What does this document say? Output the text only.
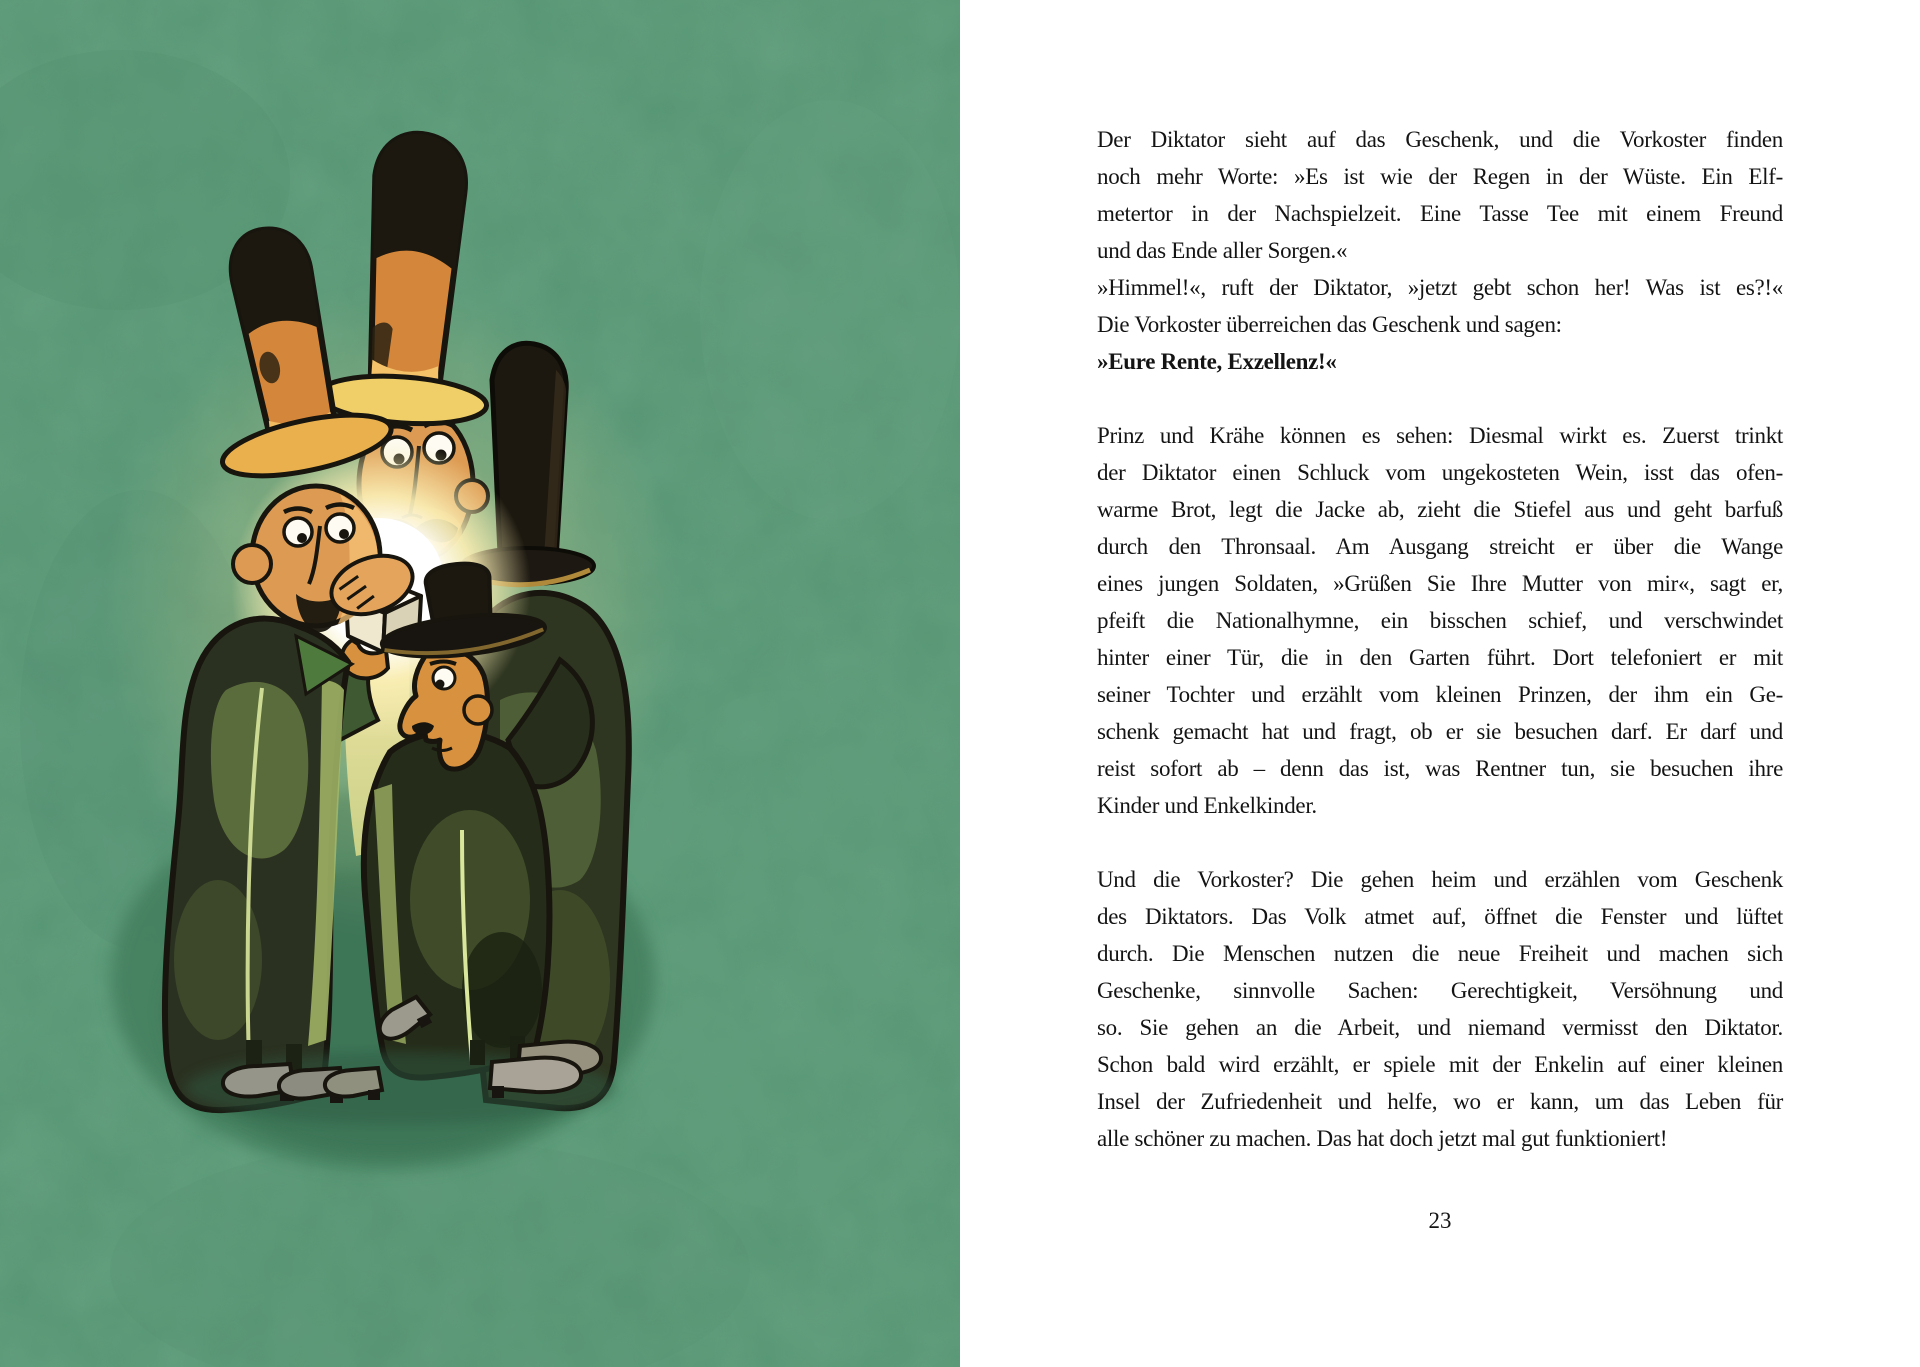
Der Diktator sieht auf das Geschenk, und die Vorkoster finden
noch mehr Worte: »Es ist wie der Regen in der Wüste. Ein Elf-
metertor in der Nachspielzeit. Eine Tasse Tee mit einem Freund
und das Ende aller Sorgen.«
»Himmel!«, ruft der Diktator, »jetzt gebt schon her! Was ist es?!«
Die Vorkoster überreichen das Geschenk und sagen:
»Eure Rente, Exzellenz!«
Prinz und Krähe können es sehen: Diesmal wirkt es. Zuerst trinkt
der Diktator einen Schluck vom ungekosteten Wein, isst das ofen-
warme Brot, legt die Jacke ab, zieht die Stiefel aus und geht barfuß
durch den Thronsaal. Am Ausgang streicht er über die Wange
eines jungen Soldaten, »Grüßen Sie Ihre Mutter von mir«, sagt er,
pfeift die Nationalhymne, ein bisschen schief, und verschwindet
hinter einer Tür, die in den Garten führt. Dort telefoniert er mit
seiner Tochter und erzählt vom kleinen Prinzen, der ihm ein Ge-
schenk gemacht hat und fragt, ob er sie besuchen darf. Er darf und
reist sofort ab – denn das ist, was Rentner tun, sie besuchen ihre
Kinder und Enkelkinder.
Und die Vorkoster? Die gehen heim und erzählen vom Geschenk
des Diktators. Das Volk atmet auf, öffnet die Fenster und lüftet
durch. Die Menschen nutzen die neue Freiheit und machen sich
Geschenke, sinnvolle Sachen: Gerechtigkeit, Versöhnung und
so. Sie gehen an die Arbeit, und niemand vermisst den Diktator.
Schon bald wird erzählt, er spiele mit der Enkelin auf einer kleinen
Insel der Zufriedenheit und helfe, wo er kann, um das Leben für
alle schöner zu machen. Das hat doch jetzt mal gut funktioniert!
23
